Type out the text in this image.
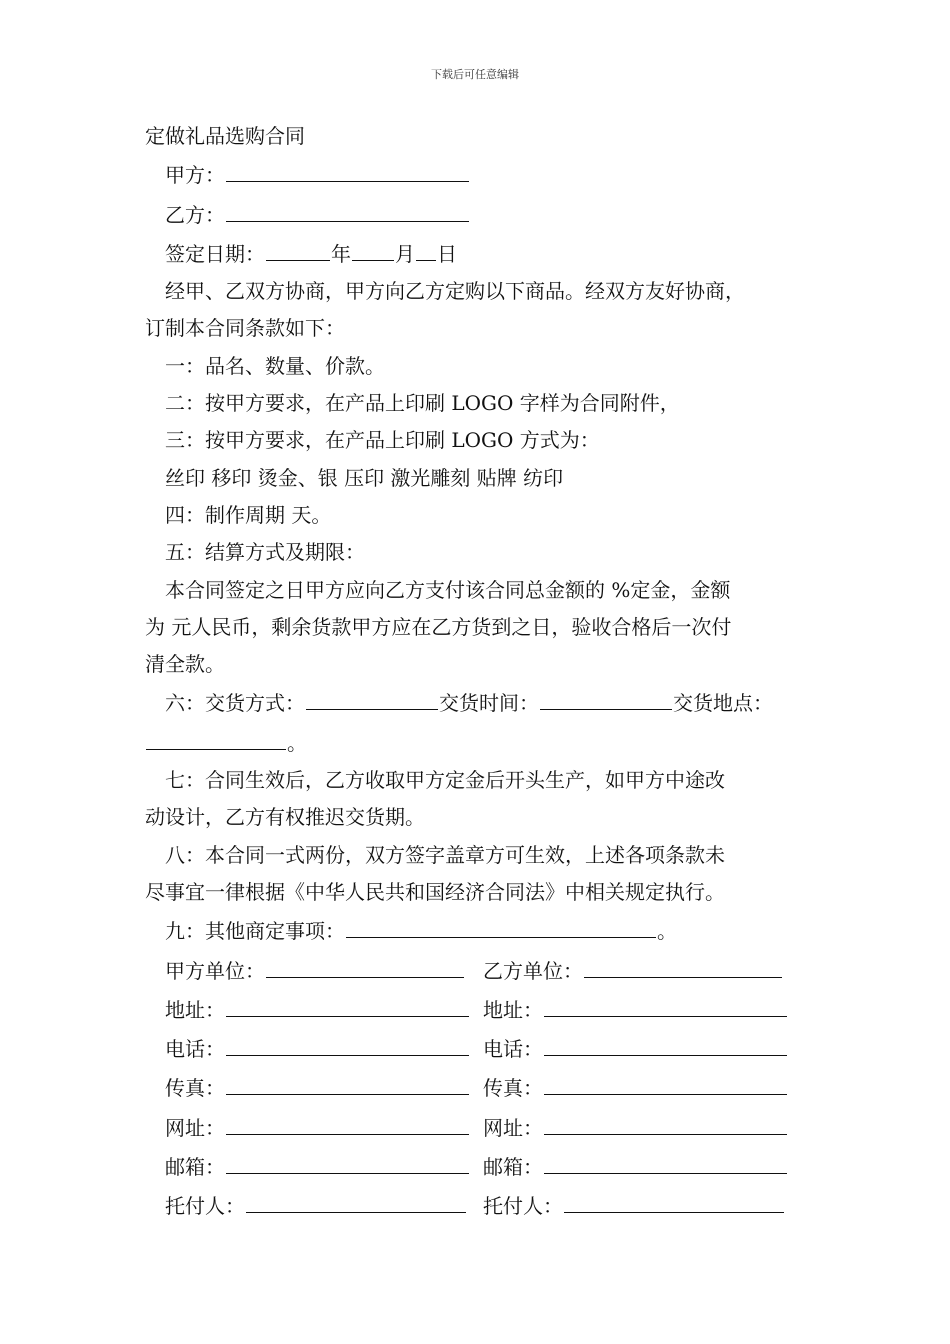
下载后可任意编辑
定做礼品选购合同
甲方：
乙方：
签定日期：	年 月 日
经甲、乙双方协商，甲方向乙方定购以下商品。经双方友好协商，
订制本合同条款如下：
一：品名、数量、价款。
二：按甲方要求，在产品上印刷 LOGO 字样为合同附件，
三：按甲方要求，在产品上印刷 LOGO 方式为：
丝印 移印 烫金、银 压印 激光雕刻 贴牌 纺印
四：制作周期 天。
五：结算方式及期限：
本合同签定之日甲方应向乙方支付该合同总金额的 %定金，金额
为 元人民币，剩余货款甲方应在乙方货到之日，验收合格后一次付
清全款。
六：交货方式：	交货时间：	交货地点：
。
七：合同生效后，乙方收取甲方定金后开头生产，如甲方中途改
动设计，乙方有权推迟交货期。
八：本合同一式两份，双方签字盖章方可生效，上述各项条款未
尽事宜一律根据《中华人民共和国经济合同法》中相关规定执行。
九：其他商定事项：	。
甲方单位：	乙方单位：
地址：	地址：
电话：	电话：
传真：	传真：
网址：	网址：
邮箱：	邮箱：
托付人：	托付人：
